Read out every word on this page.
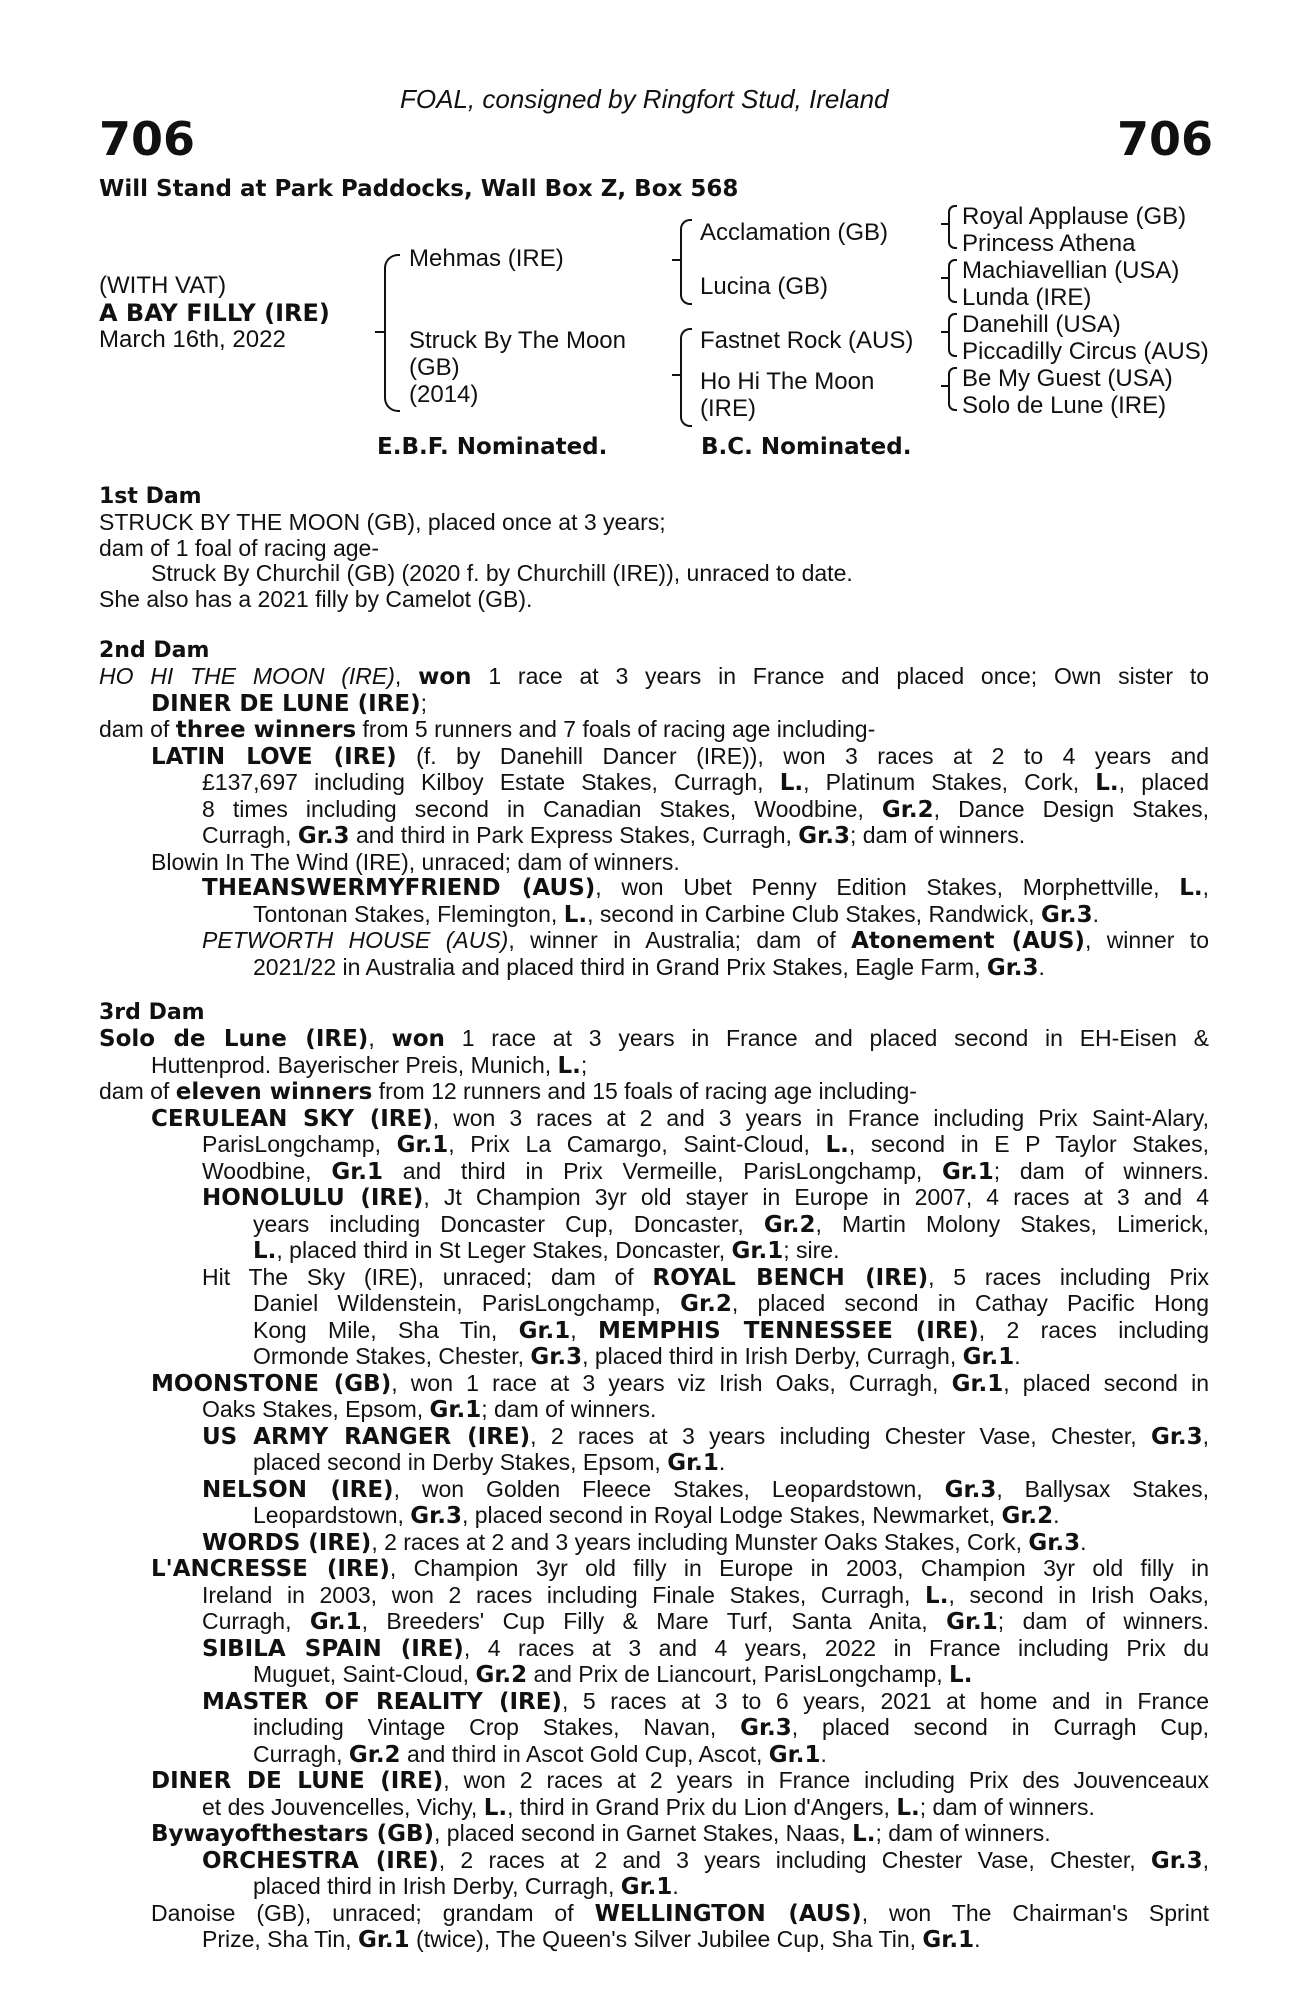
FOAL, consigned by Ringfort Stud, Ireland
706	706
Will Stand at Park Paddocks, Wall Box Z, Box 568
(WITH VAT)
A BAY FILLY (IRE)
March 16th, 2022
Mehmas (IRE)
Struck By The Moon
(GB)
(2014)
Acclamation (GB)
Lucina (GB)
Fastnet Rock (AUS)
Ho Hi The Moon
(IRE)
Royal Applause (GB)
Princess Athena
Machiavellian (USA)
Lunda (IRE)
Danehill (USA)
Piccadilly Circus (AUS)
Be My Guest (USA)
Solo de Lune (IRE)
E.B.F. Nominated.	B.C. Nominated.

1st Dam

STRUCK BY THE MOON (GB), placed once at 3 years;

dam of 1 foal of racing age-

Struck By Churchil (GB) (2020 f. by Churchill (IRE)), unraced to date.

She also has a 2021 filly by Camelot (GB).

2nd Dam

HO HI THE MOON (IRE), won 1 race at 3 years in France and placed once; Own sister to

DINER DE LUNE (IRE);

dam of three winners from 5 runners and 7 foals of racing age including-

LATIN LOVE (IRE) (f. by Danehill Dancer (IRE)), won 3 races at 2 to 4 years and

£137,697 including Kilboy Estate Stakes, Curragh, L., Platinum Stakes, Cork, L., placed

8 times including second in Canadian Stakes, Woodbine, Gr.2, Dance Design Stakes,

Curragh, Gr.3 and third in Park Express Stakes, Curragh, Gr.3; dam of winners.

Blowin In The Wind (IRE), unraced; dam of winners.

THEANSWERMYFRIEND (AUS), won Ubet Penny Edition Stakes, Morphettville, L.,

Tontonan Stakes, Flemington, L., second in Carbine Club Stakes, Randwick, Gr.3.

PETWORTH HOUSE (AUS), winner in Australia; dam of Atonement (AUS), winner to

2021/22 in Australia and placed third in Grand Prix Stakes, Eagle Farm, Gr.3.

3rd Dam

Solo de Lune (IRE), won 1 race at 3 years in France and placed second in EH-Eisen &

Huttenprod. Bayerischer Preis, Munich, L.;

dam of eleven winners from 12 runners and 15 foals of racing age including-

CERULEAN SKY (IRE), won 3 races at 2 and 3 years in France including Prix Saint-Alary,

ParisLongchamp, Gr.1, Prix La Camargo, Saint-Cloud, L., second in E P Taylor Stakes,

Woodbine, Gr.1 and third in Prix Vermeille, ParisLongchamp, Gr.1; dam of winners.

HONOLULU (IRE), Jt Champion 3yr old stayer in Europe in 2007, 4 races at 3 and 4

years including Doncaster Cup, Doncaster, Gr.2, Martin Molony Stakes, Limerick,

L., placed third in St Leger Stakes, Doncaster, Gr.1; sire.

Hit The Sky (IRE), unraced; dam of ROYAL BENCH (IRE), 5 races including Prix

Daniel Wildenstein, ParisLongchamp, Gr.2, placed second in Cathay Pacific Hong

Kong Mile, Sha Tin, Gr.1, MEMPHIS TENNESSEE (IRE), 2 races including

Ormonde Stakes, Chester, Gr.3, placed third in Irish Derby, Curragh, Gr.1.

MOONSTONE (GB), won 1 race at 3 years viz Irish Oaks, Curragh, Gr.1, placed second in

Oaks Stakes, Epsom, Gr.1; dam of winners.

US ARMY RANGER (IRE), 2 races at 3 years including Chester Vase, Chester, Gr.3,

placed second in Derby Stakes, Epsom, Gr.1.

NELSON (IRE), won Golden Fleece Stakes, Leopardstown, Gr.3, Ballysax Stakes,

Leopardstown, Gr.3, placed second in Royal Lodge Stakes, Newmarket, Gr.2.

WORDS (IRE), 2 races at 2 and 3 years including Munster Oaks Stakes, Cork, Gr.3.

L'ANCRESSE (IRE), Champion 3yr old filly in Europe in 2003, Champion 3yr old filly in

Ireland in 2003, won 2 races including Finale Stakes, Curragh, L., second in Irish Oaks,

Curragh, Gr.1, Breeders' Cup Filly & Mare Turf, Santa Anita, Gr.1; dam of winners.

SIBILA SPAIN (IRE), 4 races at 3 and 4 years, 2022 in France including Prix du

Muguet, Saint-Cloud, Gr.2 and Prix de Liancourt, ParisLongchamp, L.

MASTER OF REALITY (IRE), 5 races at 3 to 6 years, 2021 at home and in France

including Vintage Crop Stakes, Navan, Gr.3, placed second in Curragh Cup,

Curragh, Gr.2 and third in Ascot Gold Cup, Ascot, Gr.1.

DINER DE LUNE (IRE), won 2 races at 2 years in France including Prix des Jouvenceaux

et des Jouvencelles, Vichy, L., third in Grand Prix du Lion d'Angers, L.; dam of winners.

Bywayofthestars (GB), placed second in Garnet Stakes, Naas, L.; dam of winners.

ORCHESTRA (IRE), 2 races at 2 and 3 years including Chester Vase, Chester, Gr.3,

placed third in Irish Derby, Curragh, Gr.1.

Danoise (GB), unraced; grandam of WELLINGTON (AUS), won The Chairman's Sprint

Prize, Sha Tin, Gr.1 (twice), The Queen's Silver Jubilee Cup, Sha Tin, Gr.1.
